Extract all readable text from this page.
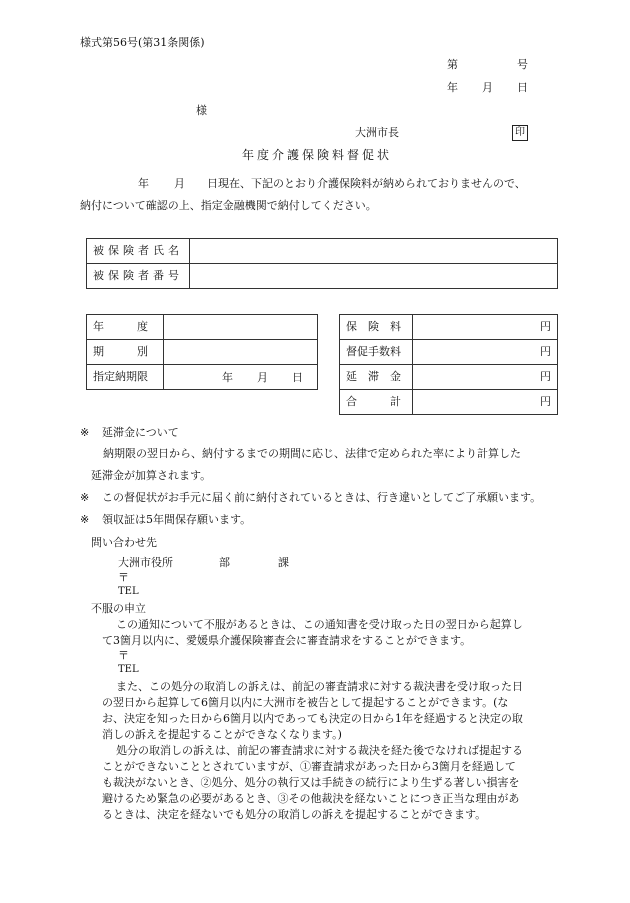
様式第56号(第31条関係)
第	号
年 月 日
様
大洲市長	印
年度介護保険料督促状
年 月 日現在、下記のとおり介護保険料が納められておりませんので、
納付について確認の上、指定金融機関で納付してください。
被保険者氏名	
被保険者番号	
年　　　度	
期　　　別	
指定納期限	年 月 日
保　険　料	円
督促手数料	円
延　滞　金	円
合　　　計	円
※ 延滞金について
納期限の翌日から、納付するまでの期間に応じ、法律で定められた率により計算した
延滞金が加算されます。
※ この督促状がお手元に届く前に納付されているときは、行き違いとしてご了承願います。
※ 領収証は5年間保存願います。
問い合わせ先
大洲市役所	部	課
〒
TEL
不服の申立
この通知について不服があるときは、この通知書を受け取った日の翌日から起算し
て3箇月以内に、愛媛県介護保険審査会に審査請求をすることができます。
〒
TEL
また、この処分の取消しの訴えは、前記の審査請求に対する裁決書を受け取った日
の翌日から起算して6箇月以内に大洲市を被告として提起することができます。(な
お、決定を知った日から6箇月以内であっても決定の日から1年を経過すると決定の取
消しの訴えを提起することができなくなります。)
処分の取消しの訴えは、前記の審査請求に対する裁決を経た後でなければ提起する
ことができないこととされていますが、①審査請求があった日から3箇月を経過して
も裁決がないとき、②処分、処分の執行又は手続きの続行により生ずる著しい損害を
避けるため緊急の必要があるとき、③その他裁決を経ないことにつき正当な理由があ
るときは、決定を経ないでも処分の取消しの訴えを提起することができます。
